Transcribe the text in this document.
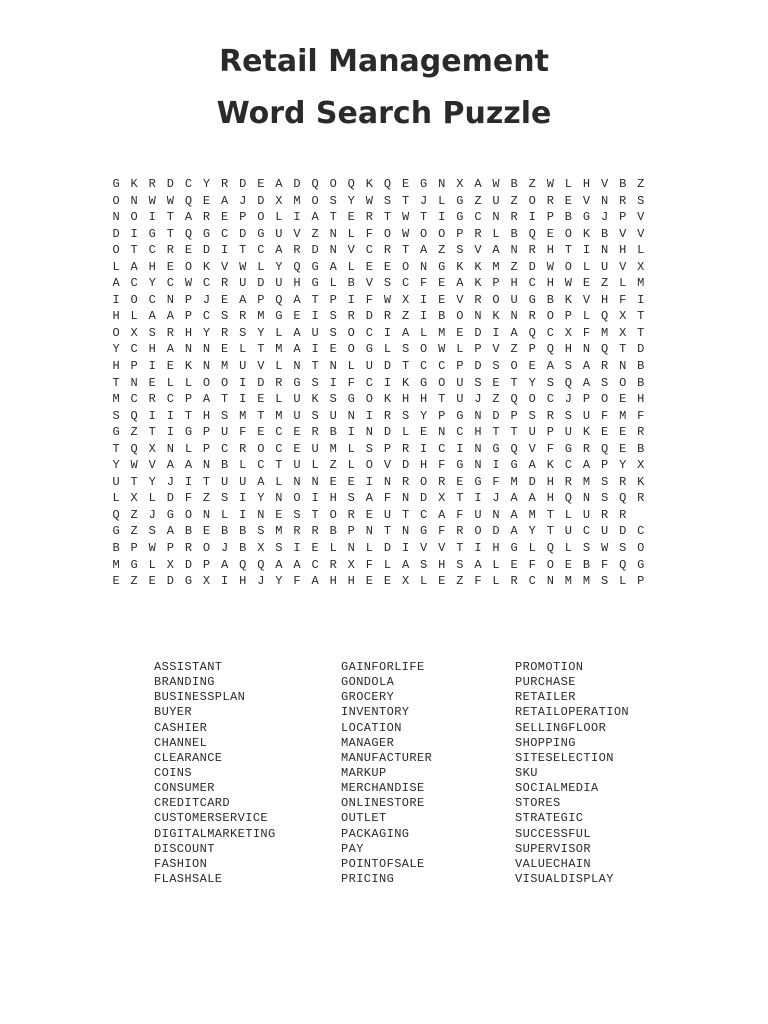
Retail Management
Word Search Puzzle
G K R D C Y R D E A D Q O Q K Q E G N X A W B Z W L H V B Z
O N W W Q E A J D X M O S Y W S T J L G Z U Z O R E V N R S
N O I T A R E P O L I A T E R T W T I G C N R I P B G J P V
D I G T Q G C D G U V Z N L F O W O O P R L B Q E O K B V V
O T C R E D I T C A R D N V C R T A Z S V A N R H T I N H L
L A H E O K V W L Y Q G A L E E O N G K K M Z D W O L U V X
A C Y C W C R U D U H G L B V S C F E A K P H C H W E Z L M
I O C N P J E A P Q A T P I F W X I E V R O U G B K V H F I
H L A A P C S R M G E I S R D R Z I B O N K N R O P L Q X T
O X S R H Y R S Y L A U S O C I A L M E D I A Q C X F M X T
Y C H A N N E L T M A I E O G L S O W L P V Z P Q H N Q T D
H P I E K N M U V L N T N L U D T C C P D S O E A S A R N B
T N E L L O O I D R G S I F C I K G O U S E T Y S Q A S O B
M C R C P A T I E L U K S G O K H H T U J Z Q O C J P O E H
S Q I I T H S M T M U S U N I R S Y P G N D P S R S U F M F
G Z T I G P U F E C E R B I N D L E N C H T T U P U K E E R
T Q X N L P C R O C E U M L S P R I C I N G Q V F G R Q E B
Y W V A A N B L C T U L Z L O V D H F G N I G A K C A P Y X
U T Y J I T U U A L N N E E I N R O R E G F M D H R M S R K
L X L D F Z S I Y N O I H S A F N D X T I J A A H Q N S Q R
Q Z J G O N L I N E S T O R E U T C A F U N A M T L U R R
G Z S A B E B B S M R R B P N T N G F R O D A Y T U C U D C
B P W P R O J B X S I E L N L D I V V T I H G L Q L S W S O
M G L X D P A Q Q A A C R X F L A S H S A L E F O E B F Q G
E Z E D G X I H J Y F A H H E E X L E Z F L R C N M M S L P
ASSISTANT
BRANDING
BUSINESSPLAN
BUYER
CASHIER
CHANNEL
CLEARANCE
COINS
CONSUMER
CREDITCARD
CUSTOMERSERVICE
DIGITALMARKETING
DISCOUNT
FASHION
FLASHSALE
GAINFORLIFE
GONDOLA
GROCERY
INVENTORY
LOCATION
MANAGER
MANUFACTURER
MARKUP
MERCHANDISE
ONLINESTORE
OUTLET
PACKAGING
PAY
POINTOFSALE
PRICING
PROMOTION
PURCHASE
RETAILER
RETAILOPERATION
SELLINGFLOOR
SHOPPING
SITESELECTION
SKU
SOCIALMEDIA
STORES
STRATEGIC
SUCCESSFUL
SUPERVISOR
VALUECHAIN
VISUALDISPLAY
